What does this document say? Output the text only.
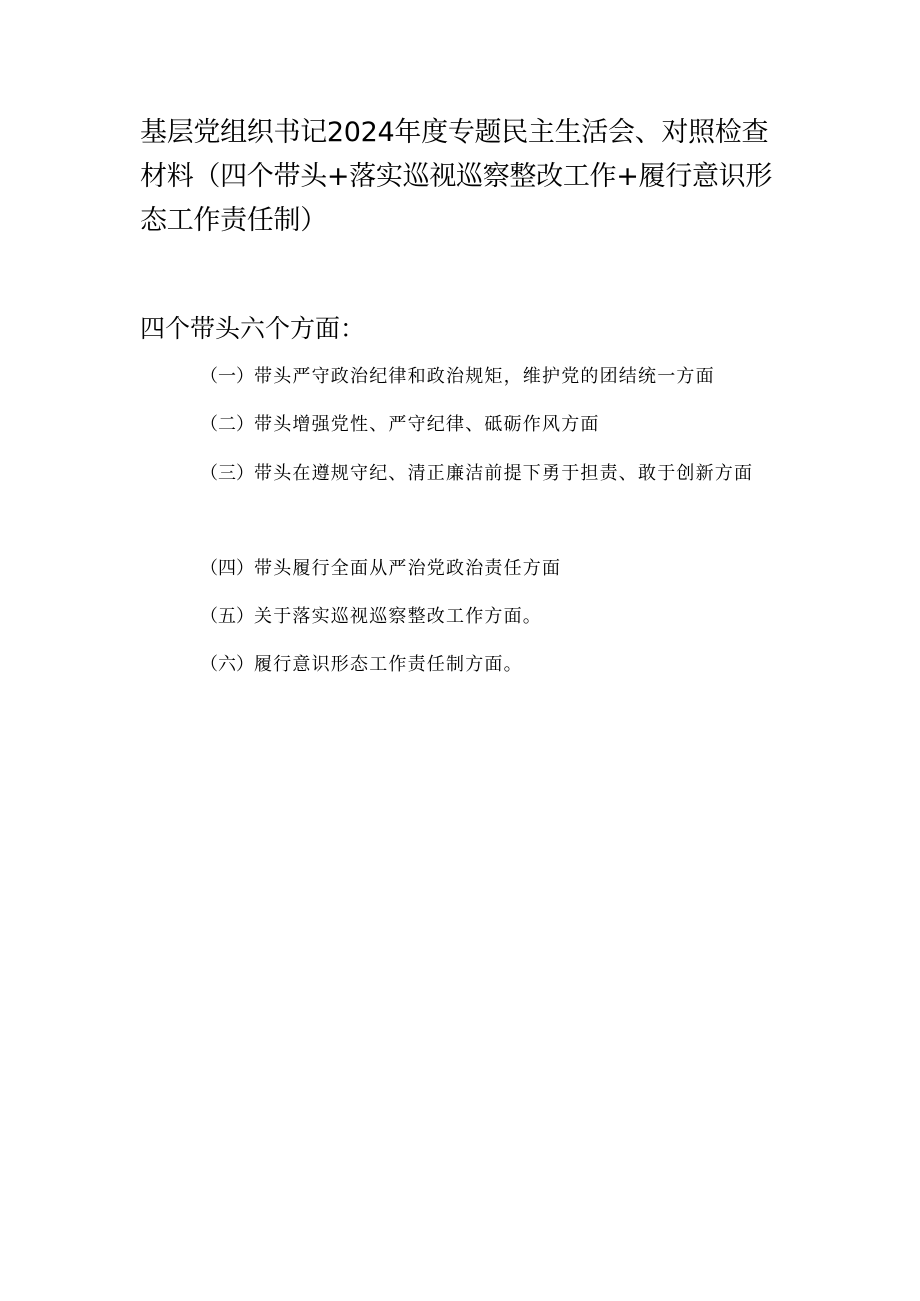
基层党组织书记2024年度专题民主生活会、对照检查材料（四个带头+落实巡视巡察整改工作+履行意识形态工作责任制）
四个带头六个方面：

（一）带头严守政治纪律和政治规矩，维护党的团结统一方面

（二）带头增强党性、严守纪律、砥砺作风方面

（三）带头在遵规守纪、清正廉洁前提下勇于担责、敢于创新方面

（四）带头履行全面从严治党政治责任方面

（五）关于落实巡视巡察整改工作方面。

（六）履行意识形态工作责任制方面。
